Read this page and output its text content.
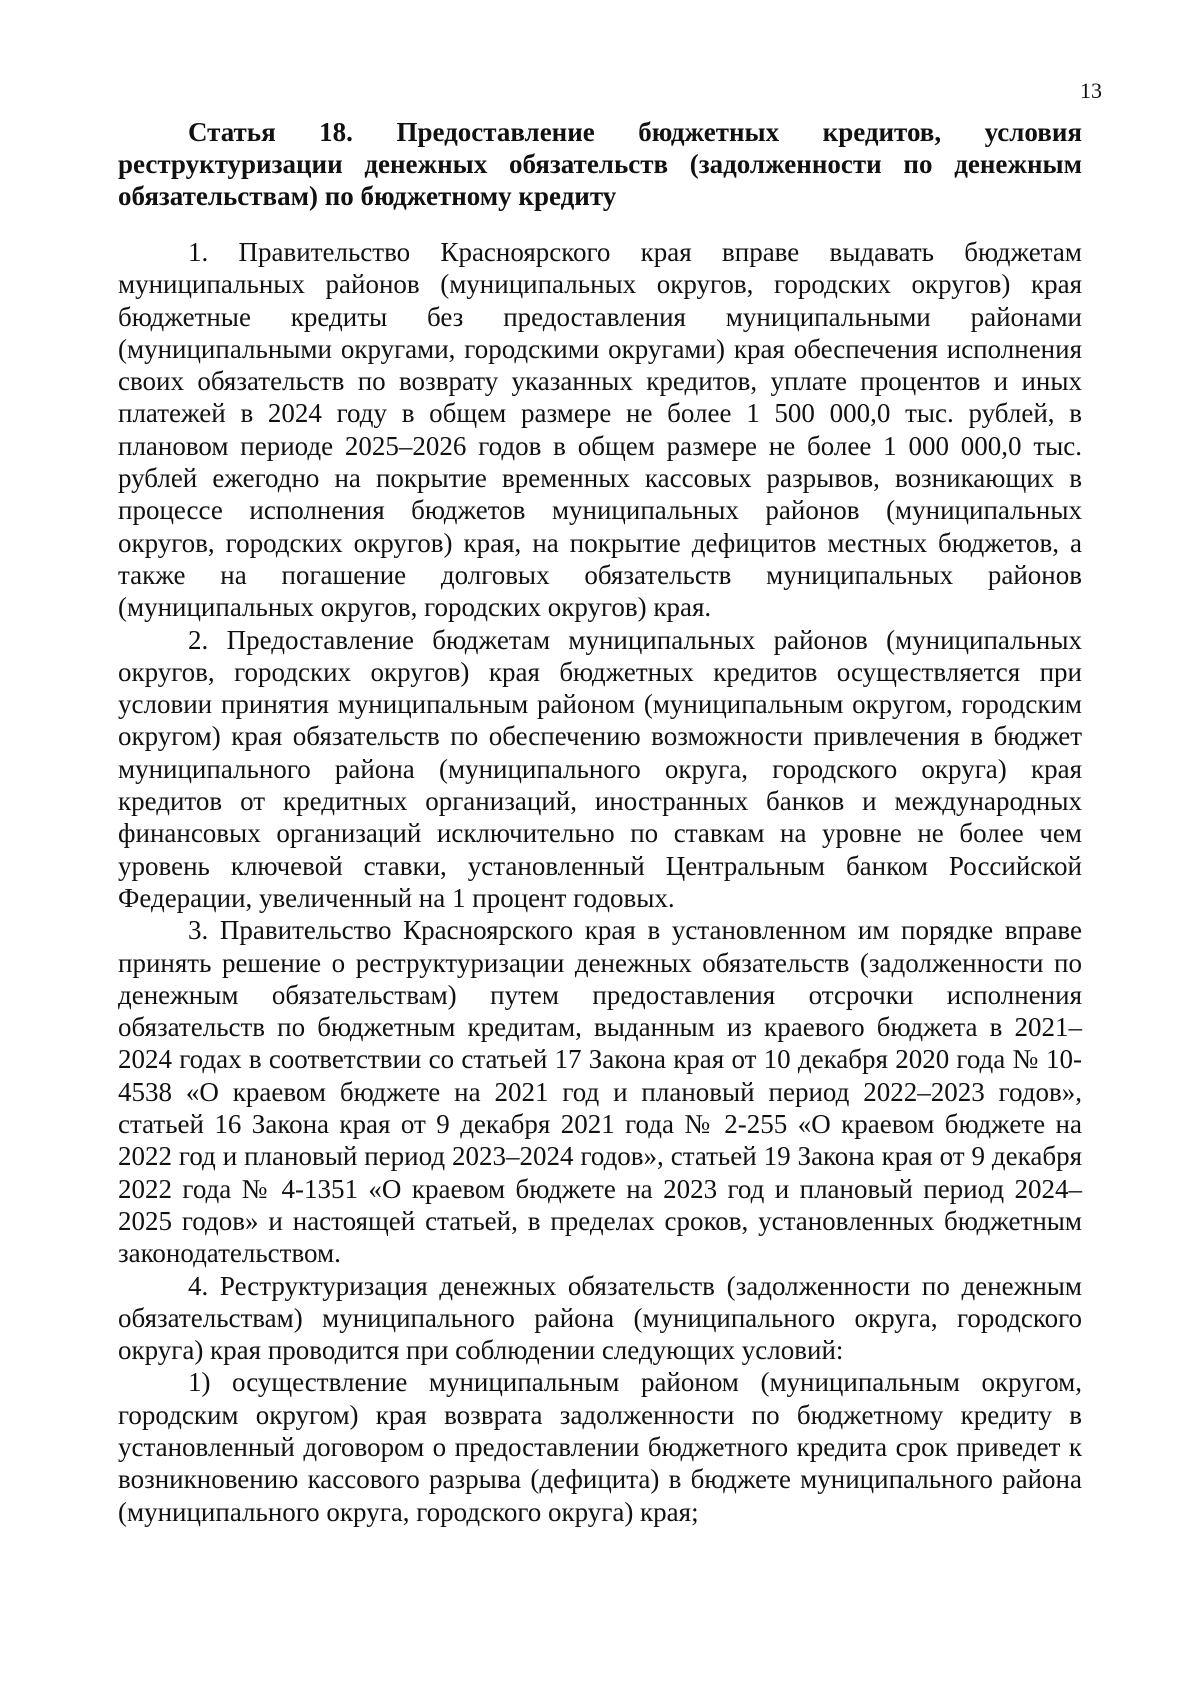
13
Статья 18. Предоставление бюджетных кредитов, условия реструктуризации денежных обязательств (задолженности по денежным обязательствам) по бюджетному кредиту

1. Правительство Красноярского края вправе выдавать бюджетам муниципальных районов (муниципальных округов, городских округов) края бюджетные кредиты без предоставления муниципальными районами (муниципальными округами, городскими округами) края обеспечения исполнения своих обязательств по возврату указанных кредитов, уплате процентов и иных платежей в 2024 году в общем размере не более 1 500 000,0 тыс. рублей, в плановом периоде 2025–2026 годов в общем размере не более 1 000 000,0 тыс. рублей ежегодно на покрытие временных кассовых разрывов, возникающих в процессе исполнения бюджетов муниципальных районов (муниципальных округов, городских округов) края, на покрытие дефицитов местных бюджетов, а также на погашение долговых обязательств муниципальных районов (муниципальных округов, городских округов) края.

2. Предоставление бюджетам муниципальных районов (муниципальных округов, городских округов) края бюджетных кредитов осуществляется при условии принятия муниципальным районом (муниципальным округом, городским округом) края обязательств по обеспечению возможности привлечения в бюджет муниципального района (муниципального округа, городского округа) края кредитов от кредитных организаций, иностранных банков и международных финансовых организаций исключительно по ставкам на уровне не более чем уровень ключевой ставки, установленный Центральным банком Российской Федерации, увеличенный на 1 процент годовых.

3. Правительство Красноярского края в установленном им порядке вправе принять решение о реструктуризации денежных обязательств (задолженности по денежным обязательствам) путем предоставления отсрочки исполнения обязательств по бюджетным кредитам, выданным из краевого бюджета в 2021–2024 годах в соответствии со статьей 17 Закона края от 10 декабря 2020 года № 10-4538 «О краевом бюджете на 2021 год и плановый период 2022–2023 годов», статьей 16 Закона края от 9 декабря 2021 года № 2-255 «О краевом бюджете на 2022 год и плановый период 2023–2024 годов», статьей 19 Закона края от 9 декабря 2022 года № 4-1351 «О краевом бюджете на 2023 год и плановый период 2024–2025 годов» и настоящей статьей, в пределах сроков, установленных бюджетным законодательством.

4. Реструктуризация денежных обязательств (задолженности по денежным обязательствам) муниципального района (муниципального округа, городского округа) края проводится при соблюдении следующих условий:

1) осуществление муниципальным районом (муниципальным округом, городским округом) края возврата задолженности по бюджетному кредиту в установленный договором о предоставлении бюджетного кредита срок приведет к возникновению кассового разрыва (дефицита) в бюджете муниципального района (муниципального округа, городского округа) края;
